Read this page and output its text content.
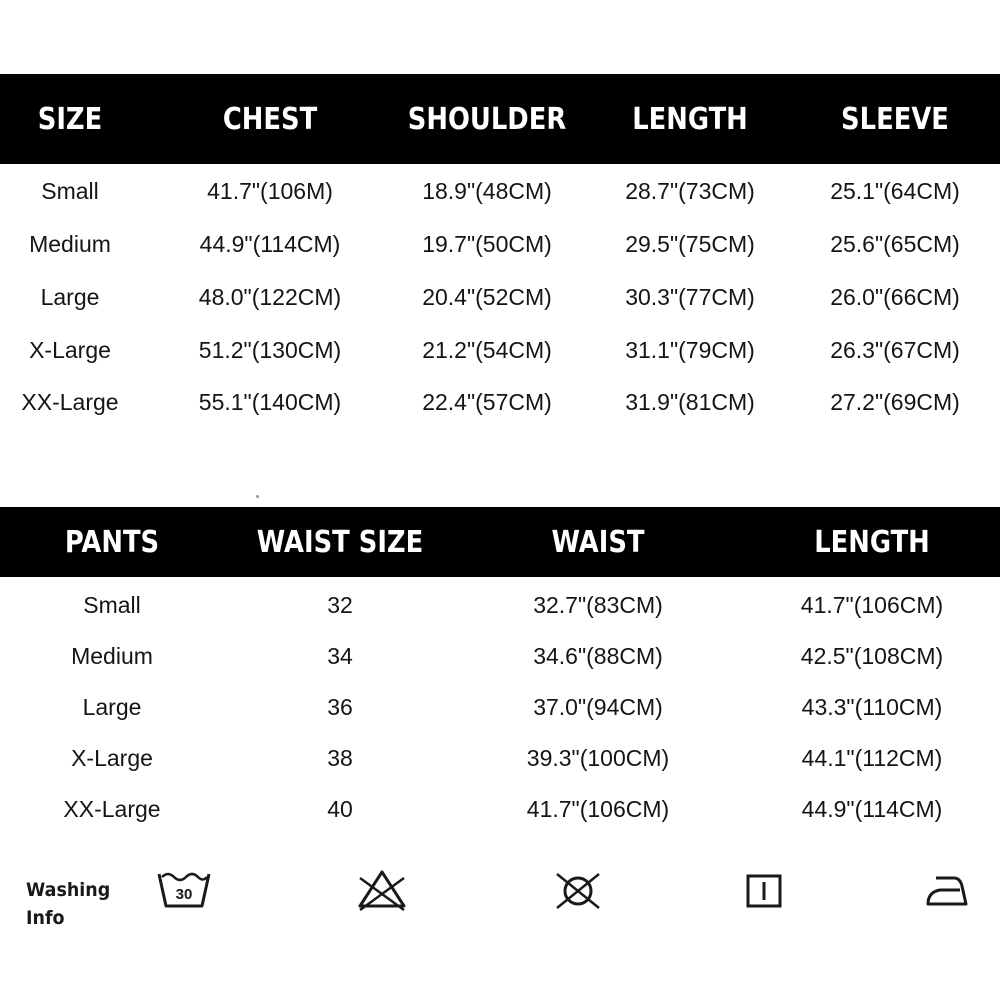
SIZE	CHEST	SHOULDER	LENGTH	SLEEVE
Small	41.7"(106M)	18.9"(48CM)	28.7"(73CM)	25.1"(64CM)
Medium	44.9"(114CM)	19.7"(50CM)	29.5"(75CM)	25.6"(65CM)
Large	48.0"(122CM)	20.4"(52CM)	30.3"(77CM)	26.0"(66CM)
X-Large	51.2"(130CM)	21.2"(54CM)	31.1"(79CM)	26.3"(67CM)
XX-Large	55.1"(140CM)	22.4"(57CM)	31.9"(81CM)	27.2"(69CM)
PANTS	WAIST SIZE	WAIST	LENGTH
Small	32	32.7"(83CM)	41.7"(106CM)
Medium	34	34.6"(88CM)	42.5"(108CM)
Large	36	37.0"(94CM)	43.3"(110CM)
X-Large	38	39.3"(100CM)	44.1"(112CM)
XX-Large	40	41.7"(106CM)	44.9"(114CM)
Washing
Info
30
